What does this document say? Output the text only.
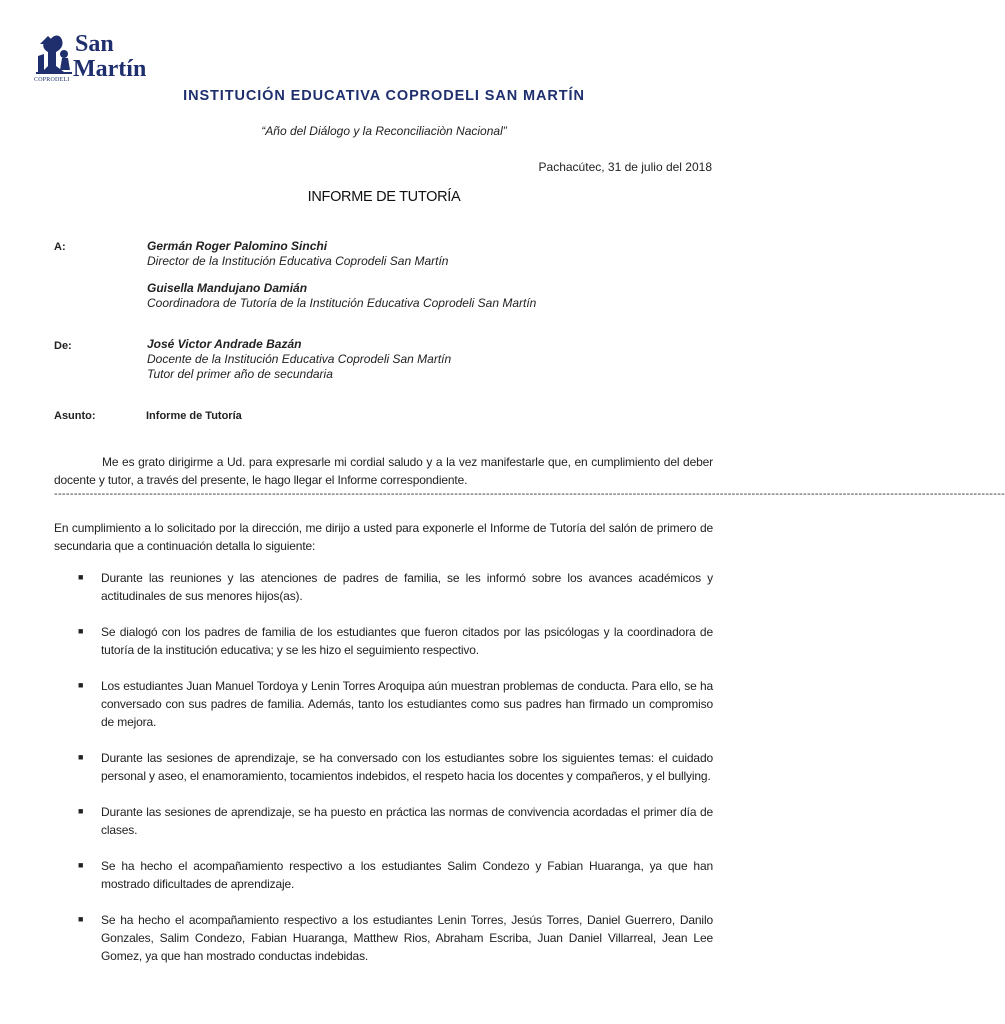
San
Martín
COPRODELI
INSTITUCIÓN EDUCATIVA COPRODELI SAN MARTÍN
“Año del Diálogo y la Reconciliaciòn Nacional”
Pachacútec, 31 de julio del 2018
INFORME DE TUTORÍA
A:	Germán Roger Palomino Sinchi
Director de la Institución Educativa Coprodeli San Martín
Guisella Mandujano Damián
Coordinadora de Tutoría de la Institución Educativa Coprodeli San Martín
De:	José Victor Andrade Bazán
Docente de la Institución Educativa Coprodeli San Martín
Tutor del primer año de secundaria
Asunto:	Informe de Tutoría
Me es grato dirigirme a Ud. para expresarle mi cordial saludo y a la vez manifestarle que, en cumplimiento del deber docente y tutor, a través del presente, le hago llegar el Informe correspondiente.
------------------------------------------------------------------------------------------------------------------------------------------------------------------------------------------------------------------------------------------------
En cumplimiento a lo solicitado por la dirección, me dirijo a usted para exponerle el Informe de Tutoría del salón de primero de secundaria que a continuación detalla lo siguiente:
■ Durante las reuniones y las atenciones de padres de familia, se les informó sobre los avances académicos y actitudinales de sus menores hijos(as).
■ Se dialogó con los padres de familia de los estudiantes que fueron citados por las psicólogas y la coordinadora de tutoría de la institución educativa; y se les hizo el seguimiento respectivo.
■ Los estudiantes Juan Manuel Tordoya y Lenin Torres Aroquipa aún muestran problemas de conducta. Para ello, se ha conversado con sus padres de familia. Además, tanto los estudiantes como sus padres han firmado un compromiso de mejora.
■ Durante las sesiones de aprendizaje, se ha conversado con los estudiantes sobre los siguientes temas: el cuidado personal y aseo, el enamoramiento, tocamientos indebidos, el respeto hacia los docentes y compañeros, y el bullying.
■ Durante las sesiones de aprendizaje, se ha puesto en práctica las normas de convivencia acordadas el primer día de clases.
■ Se ha hecho el acompañamiento respectivo a los estudiantes Salim Condezo y Fabian Huaranga, ya que han mostrado dificultades de aprendizaje.
■ Se ha hecho el acompañamiento respectivo a los estudiantes Lenin Torres, Jesús Torres, Daniel Guerrero, Danilo Gonzales, Salim Condezo, Fabian Huaranga, Matthew Rios, Abraham Escriba, Juan Daniel Villarreal, Jean Lee Gomez, ya que han mostrado conductas indebidas.
